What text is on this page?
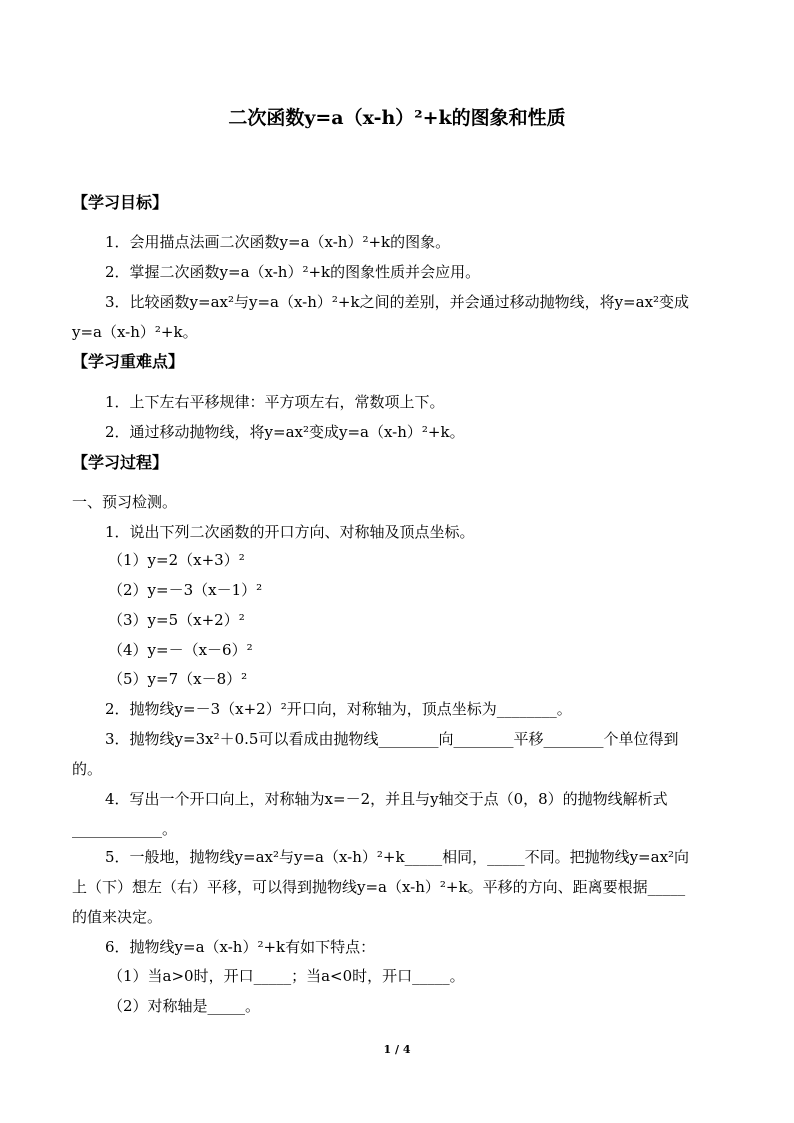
二次函数y=a（x-h）²+k的图象和性质
【学习目标】
1．会用描点法画二次函数y=a（x-h）²+k的图象。
2．掌握二次函数y=a（x-h）²+k的图象性质并会应用。
3．比较函数y=ax²与y=a（x-h）²+k之间的差别，并会通过移动抛物线，将y=ax²变成
y=a（x-h）²+k。
【学习重难点】
1．上下左右平移规律：平方项左右，常数项上下。
2．通过移动抛物线，将y=ax²变成y=a（x-h）²+k。
【学习过程】
一、预习检测。
1．说出下列二次函数的开口方向、对称轴及顶点坐标。
（1）y=2（x+3）²
（2）y=－3（x－1）²
（3）y=5（x+2）²
（4）y=－（x－6）²
（5）y=7（x－8）²
2．抛物线y=－3（x+2）²开口向，对称轴为，顶点坐标为________。
3．抛物线y=3x²＋0.5可以看成由抛物线________向________平移________个单位得到
的。
4．写出一个开口向上，对称轴为x=－2，并且与y轴交于点（0，8）的抛物线解析式
____________。
5．一般地，抛物线y=ax²与y=a（x-h）²+k_____相同，_____不同。把抛物线y=ax²向
上（下）想左（右）平移，可以得到抛物线y=a（x-h）²+k。平移的方向、距离要根据_____
的值来决定。
6．抛物线y=a（x-h）²+k有如下特点：
（1）当a>0时，开口_____；当a<0时，开口_____。
（2）对称轴是_____。
1 / 4
